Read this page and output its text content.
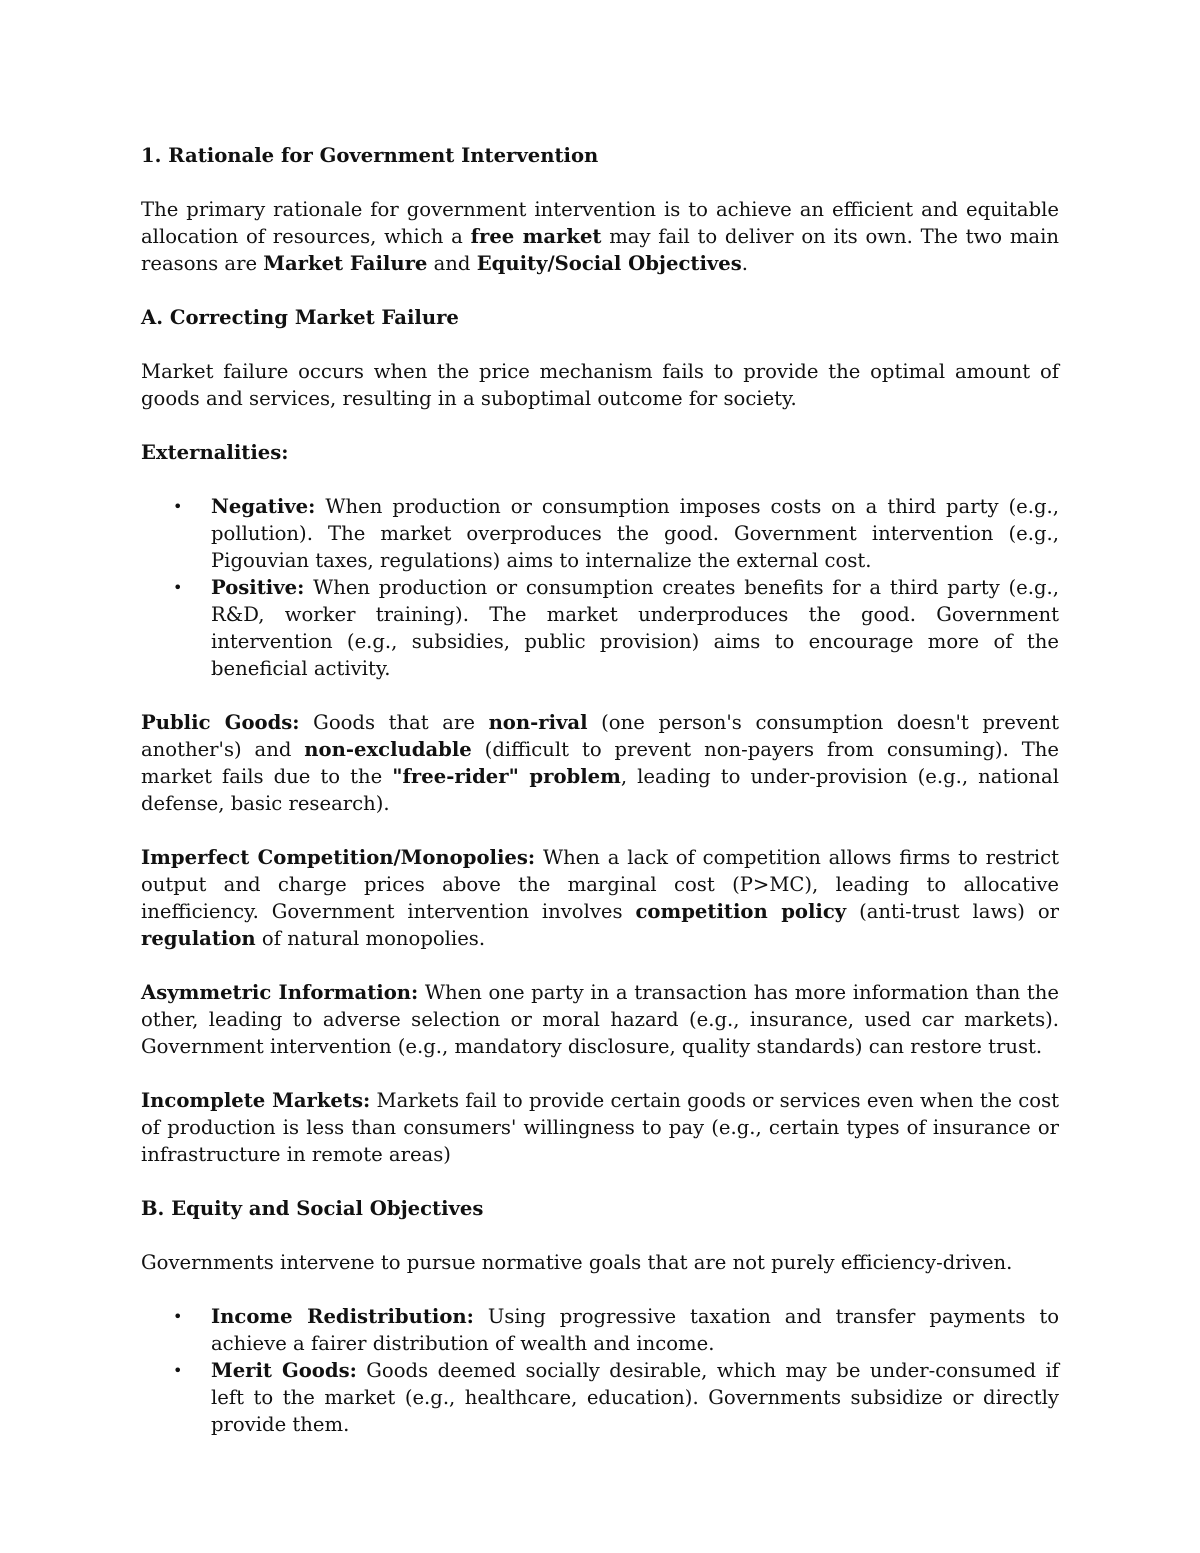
1. Rationale for Government Intervention

The primary rationale for government intervention is to achieve an efficient and equitable allocation of resources, which a free market may fail to deliver on its own. The two main reasons are Market Failure and Equity/Social Objectives.

A. Correcting Market Failure

Market failure occurs when the price mechanism fails to provide the optimal amount of goods and services, resulting in a suboptimal outcome for society.

Externalities:
• Negative: When production or consumption imposes costs on a third party (e.g., pollution). The market overproduces the good. Government intervention (e.g., Pigouvian taxes, regulations) aims to internalize the external cost.
• Positive: When production or consumption creates benefits for a third party (e.g., R&D, worker training). The market underproduces the good. Government intervention (e.g., subsidies, public provision) aims to encourage more of the beneficial activity.

Public Goods: Goods that are non-rival (one person's consumption doesn't prevent another's) and non-excludable (difficult to prevent non-payers from consuming). The market fails due to the "free-rider" problem, leading to under-provision (e.g., national defense, basic research).

Imperfect Competition/Monopolies: When a lack of competition allows firms to restrict output and charge prices above the marginal cost (P>MC), leading to allocative inefficiency. Government intervention involves competition policy (anti-trust laws) or regulation of natural monopolies.

Asymmetric Information: When one party in a transaction has more information than the other, leading to adverse selection or moral hazard (e.g., insurance, used car markets). Government intervention (e.g., mandatory disclosure, quality standards) can restore trust.

Incomplete Markets: Markets fail to provide certain goods or services even when the cost of production is less than consumers' willingness to pay (e.g., certain types of insurance or infrastructure in remote areas)

B. Equity and Social Objectives

Governments intervene to pursue normative goals that are not purely efficiency-driven.

• Income Redistribution: Using progressive taxation and transfer payments to achieve a fairer distribution of wealth and income.
• Merit Goods: Goods deemed socially desirable, which may be under-consumed if left to the market (e.g., healthcare, education). Governments subsidize or directly provide them.
